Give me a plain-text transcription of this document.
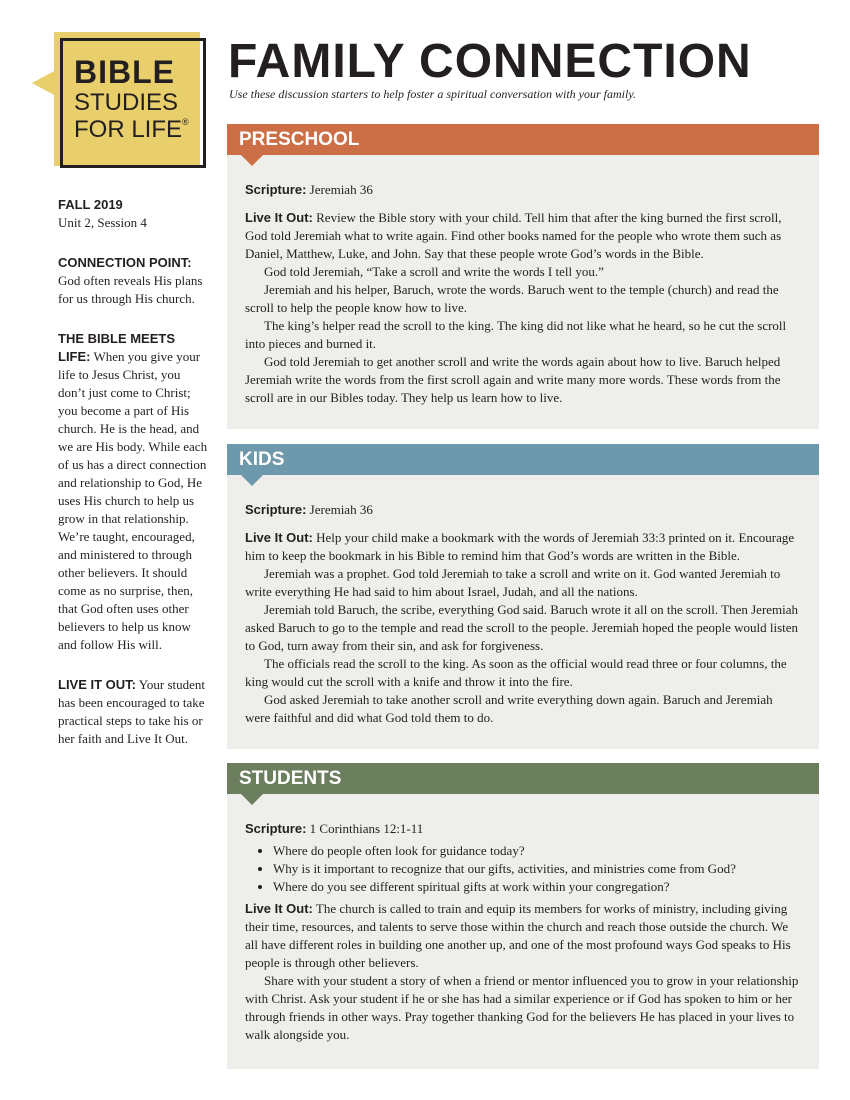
BIBLE
STUDIES
FOR LIFE®
FAMILY CONNECTION
Use these discussion starters to help foster a spiritual conversation with your family.
FALL 2019
Unit 2, Session 4
CONNECTION POINT:
God often reveals His plans for us through His church.
THE BIBLE MEETS LIFE: When you give your life to Jesus Christ, you don’t just come to Christ; you become a part of His church. He is the head, and we are His body. While each of us has a direct connection and relationship to God, He uses His church to help us grow in that relationship. We’re taught, encouraged, and ministered to through other believers. It should come as no surprise, then, that God often uses other believers to help us know and follow His will.
LIVE IT OUT: Your student has been encouraged to take practical steps to take his or her faith and Live It Out.
PRESCHOOL

Scripture: Jeremiah 36

Live It Out: Review the Bible story with your child. Tell him that after the king burned the first scroll, God told Jeremiah what to write again. Find other books named for the people who wrote them such as Daniel, Matthew, Luke, and John. Say that these people wrote God’s words in the Bible.

God told Jeremiah, “Take a scroll and write the words I tell you.”

Jeremiah and his helper, Baruch, wrote the words. Baruch went to the temple (church) and read the scroll to help the people know how to live.

The king’s helper read the scroll to the king. The king did not like what he heard, so he cut the scroll into pieces and burned it.

God told Jeremiah to get another scroll and write the words again about how to live. Baruch helped Jeremiah write the words from the first scroll again and write many more words. These words from the scroll are in our Bibles today. They help us learn how to live.

KIDS

Scripture: Jeremiah 36

Live It Out: Help your child make a bookmark with the words of Jeremiah 33:3 printed on it. Encourage him to keep the bookmark in his Bible to remind him that God’s words are written in the Bible.

Jeremiah was a prophet. God told Jeremiah to take a scroll and write on it. God wanted Jeremiah to write everything He had said to him about Israel, Judah, and all the nations.

Jeremiah told Baruch, the scribe, everything God said. Baruch wrote it all on the scroll. Then Jeremiah asked Baruch to go to the temple and read the scroll to the people. Jeremiah hoped the people would listen to God, turn away from their sin, and ask for forgiveness.

The officials read the scroll to the king. As soon as the official would read three or four columns, the king would cut the scroll with a knife and throw it into the fire.

God asked Jeremiah to take another scroll and write everything down again. Baruch and Jeremiah were faithful and did what God told them to do.

STUDENTS

Scripture: 1 Corinthians 12:1-11

• Where do people often look for guidance today?
• Why is it important to recognize that our gifts, activities, and ministries come from God?
• Where do you see different spiritual gifts at work within your congregation?

Live It Out: The church is called to train and equip its members for works of ministry, including giving their time, resources, and talents to serve those within the church and reach those outside the church. We all have different roles in building one another up, and one of the most profound ways God speaks to His people is through other believers.

Share with your student a story of when a friend or mentor influenced you to grow in your relationship with Christ. Ask your student if he or she has had a similar experience or if God has spoken to him or her through friends in other ways. Pray together thanking God for the believers He has placed in your lives to walk alongside you.
